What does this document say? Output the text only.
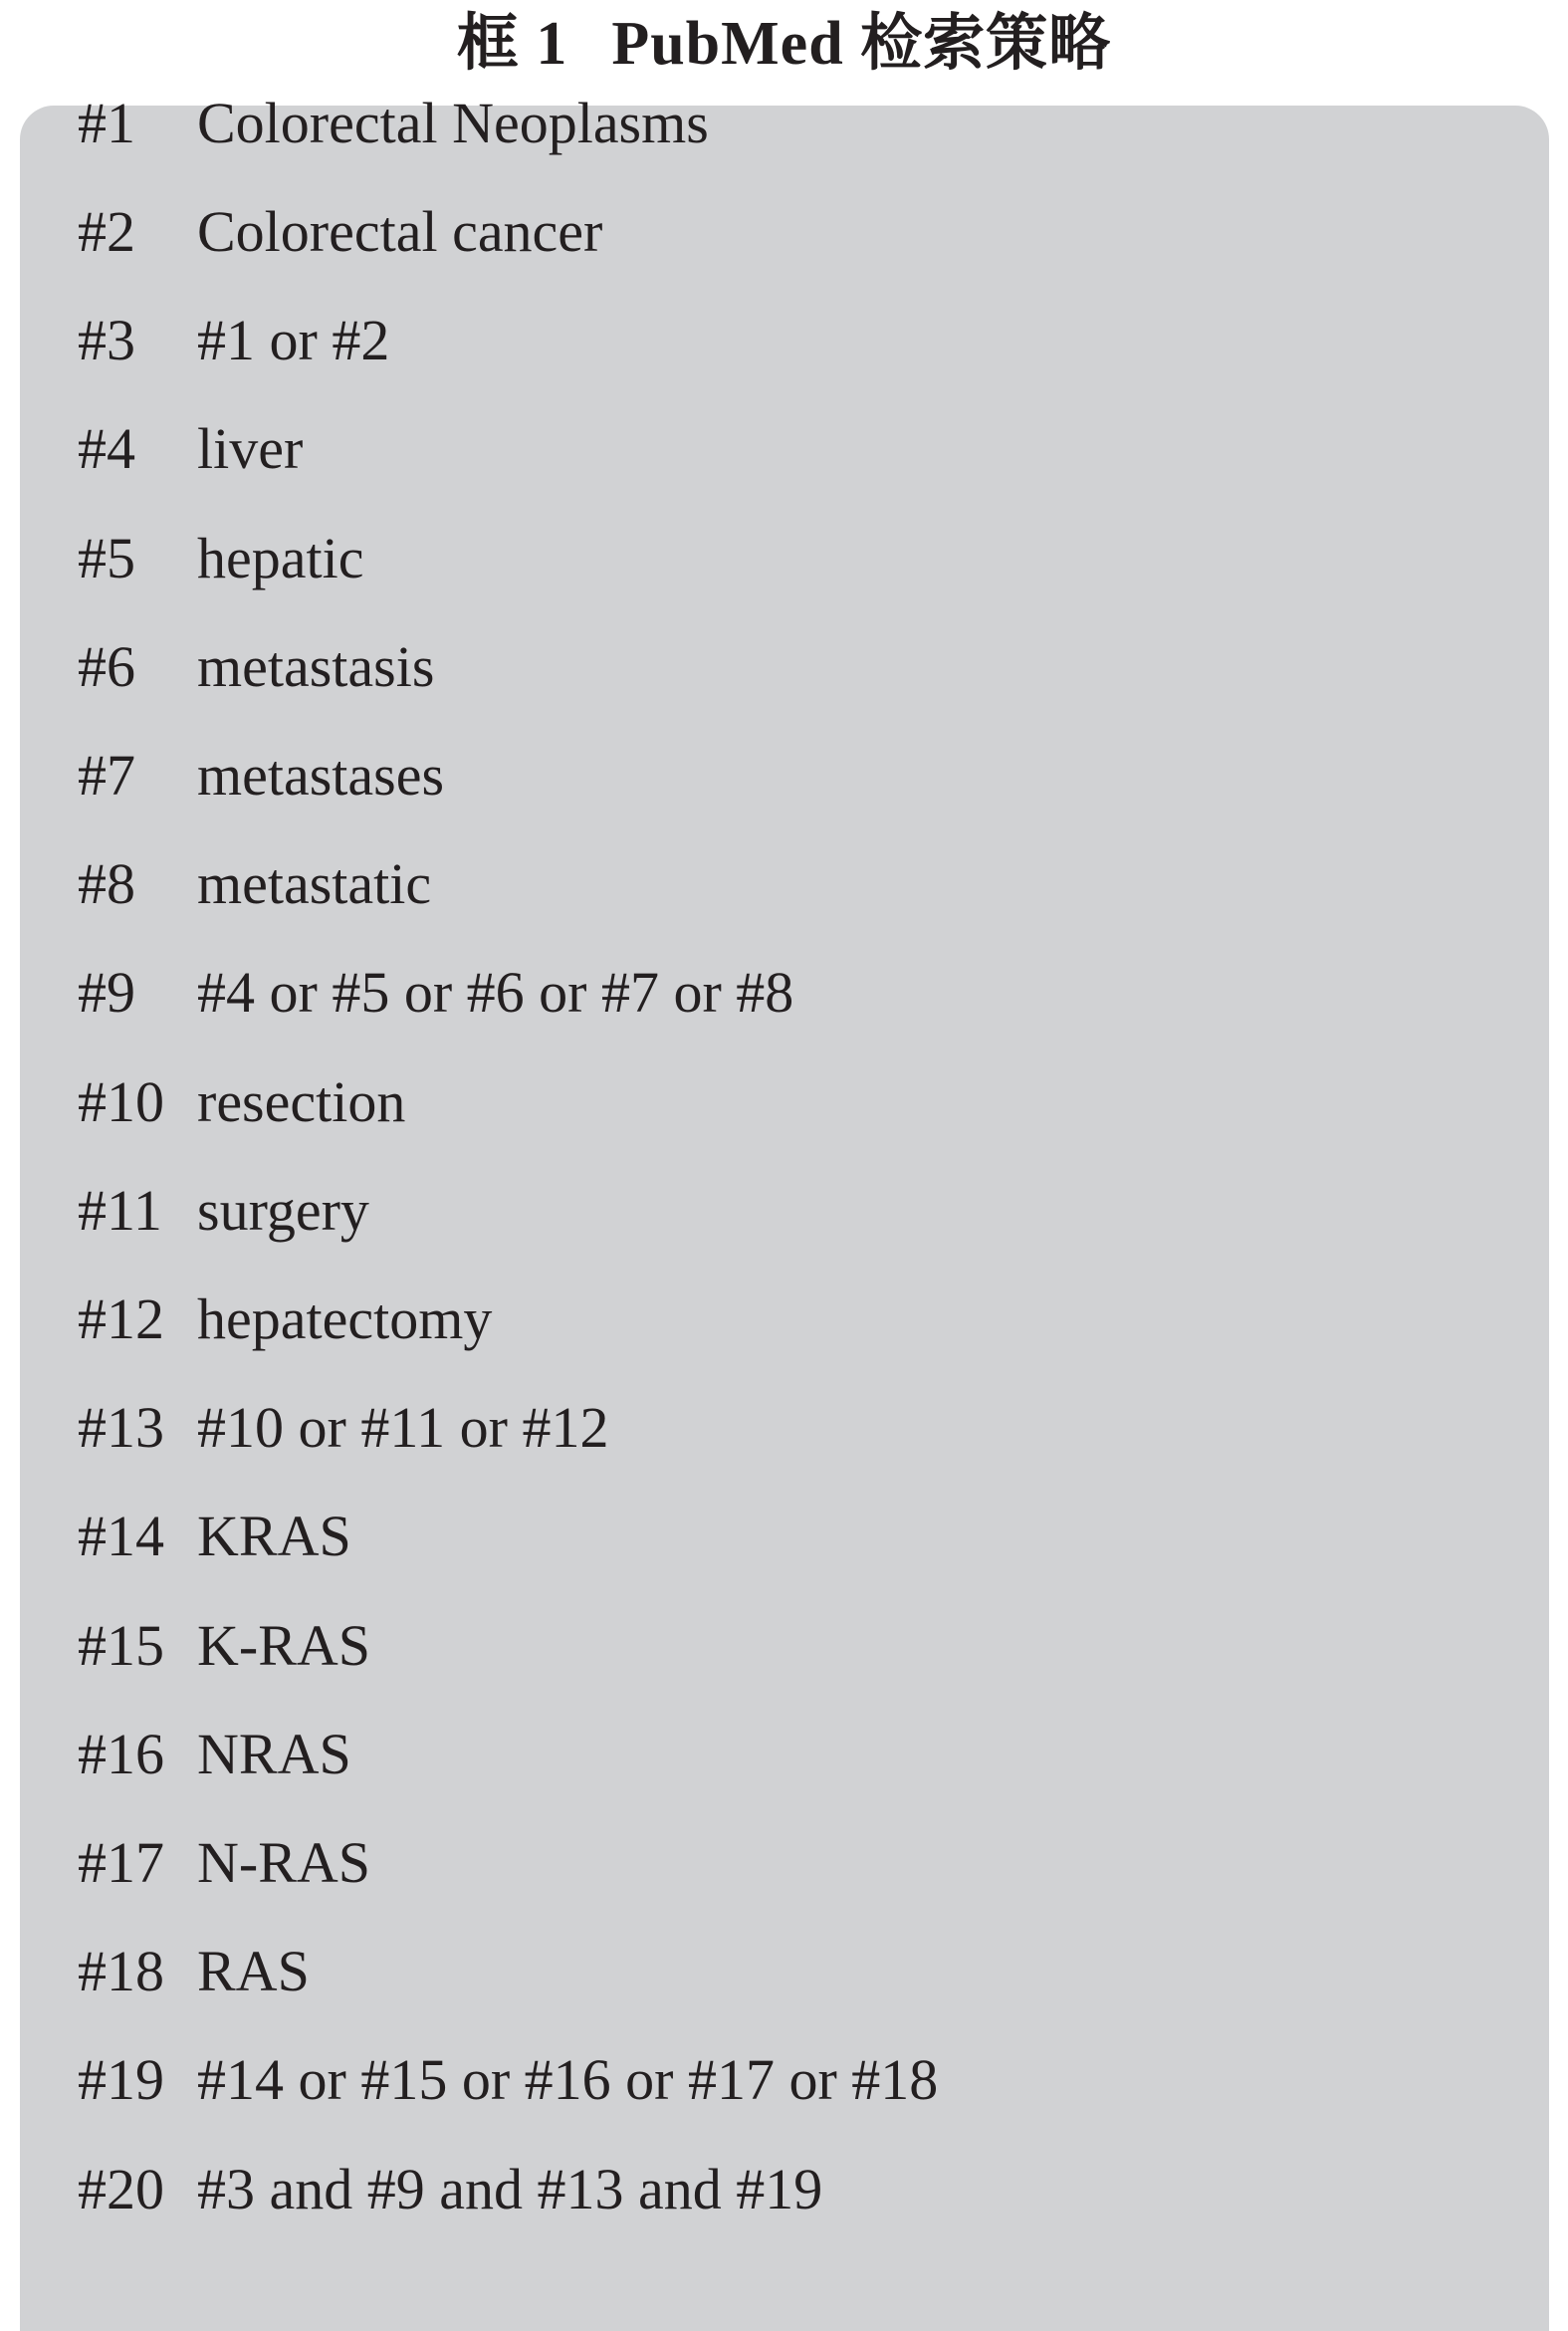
框 1 PubMed 检索策略
#1 Colorectal Neoplasms
#2 Colorectal cancer
#3 #1 or #2
#4 liver
#5 hepatic
#6 metastasis
#7 metastases
#8 metastatic
#9 #4 or #5 or #6 or #7 or #8
#10 resection
#11 surgery
#12 hepatectomy
#13 #10 or #11 or #12
#14 KRAS
#15 K-RAS
#16 NRAS
#17 N-RAS
#18 RAS
#19 #14 or #15 or #16 or #17 or #18
#20 #3 and #9 and #13 and #19
